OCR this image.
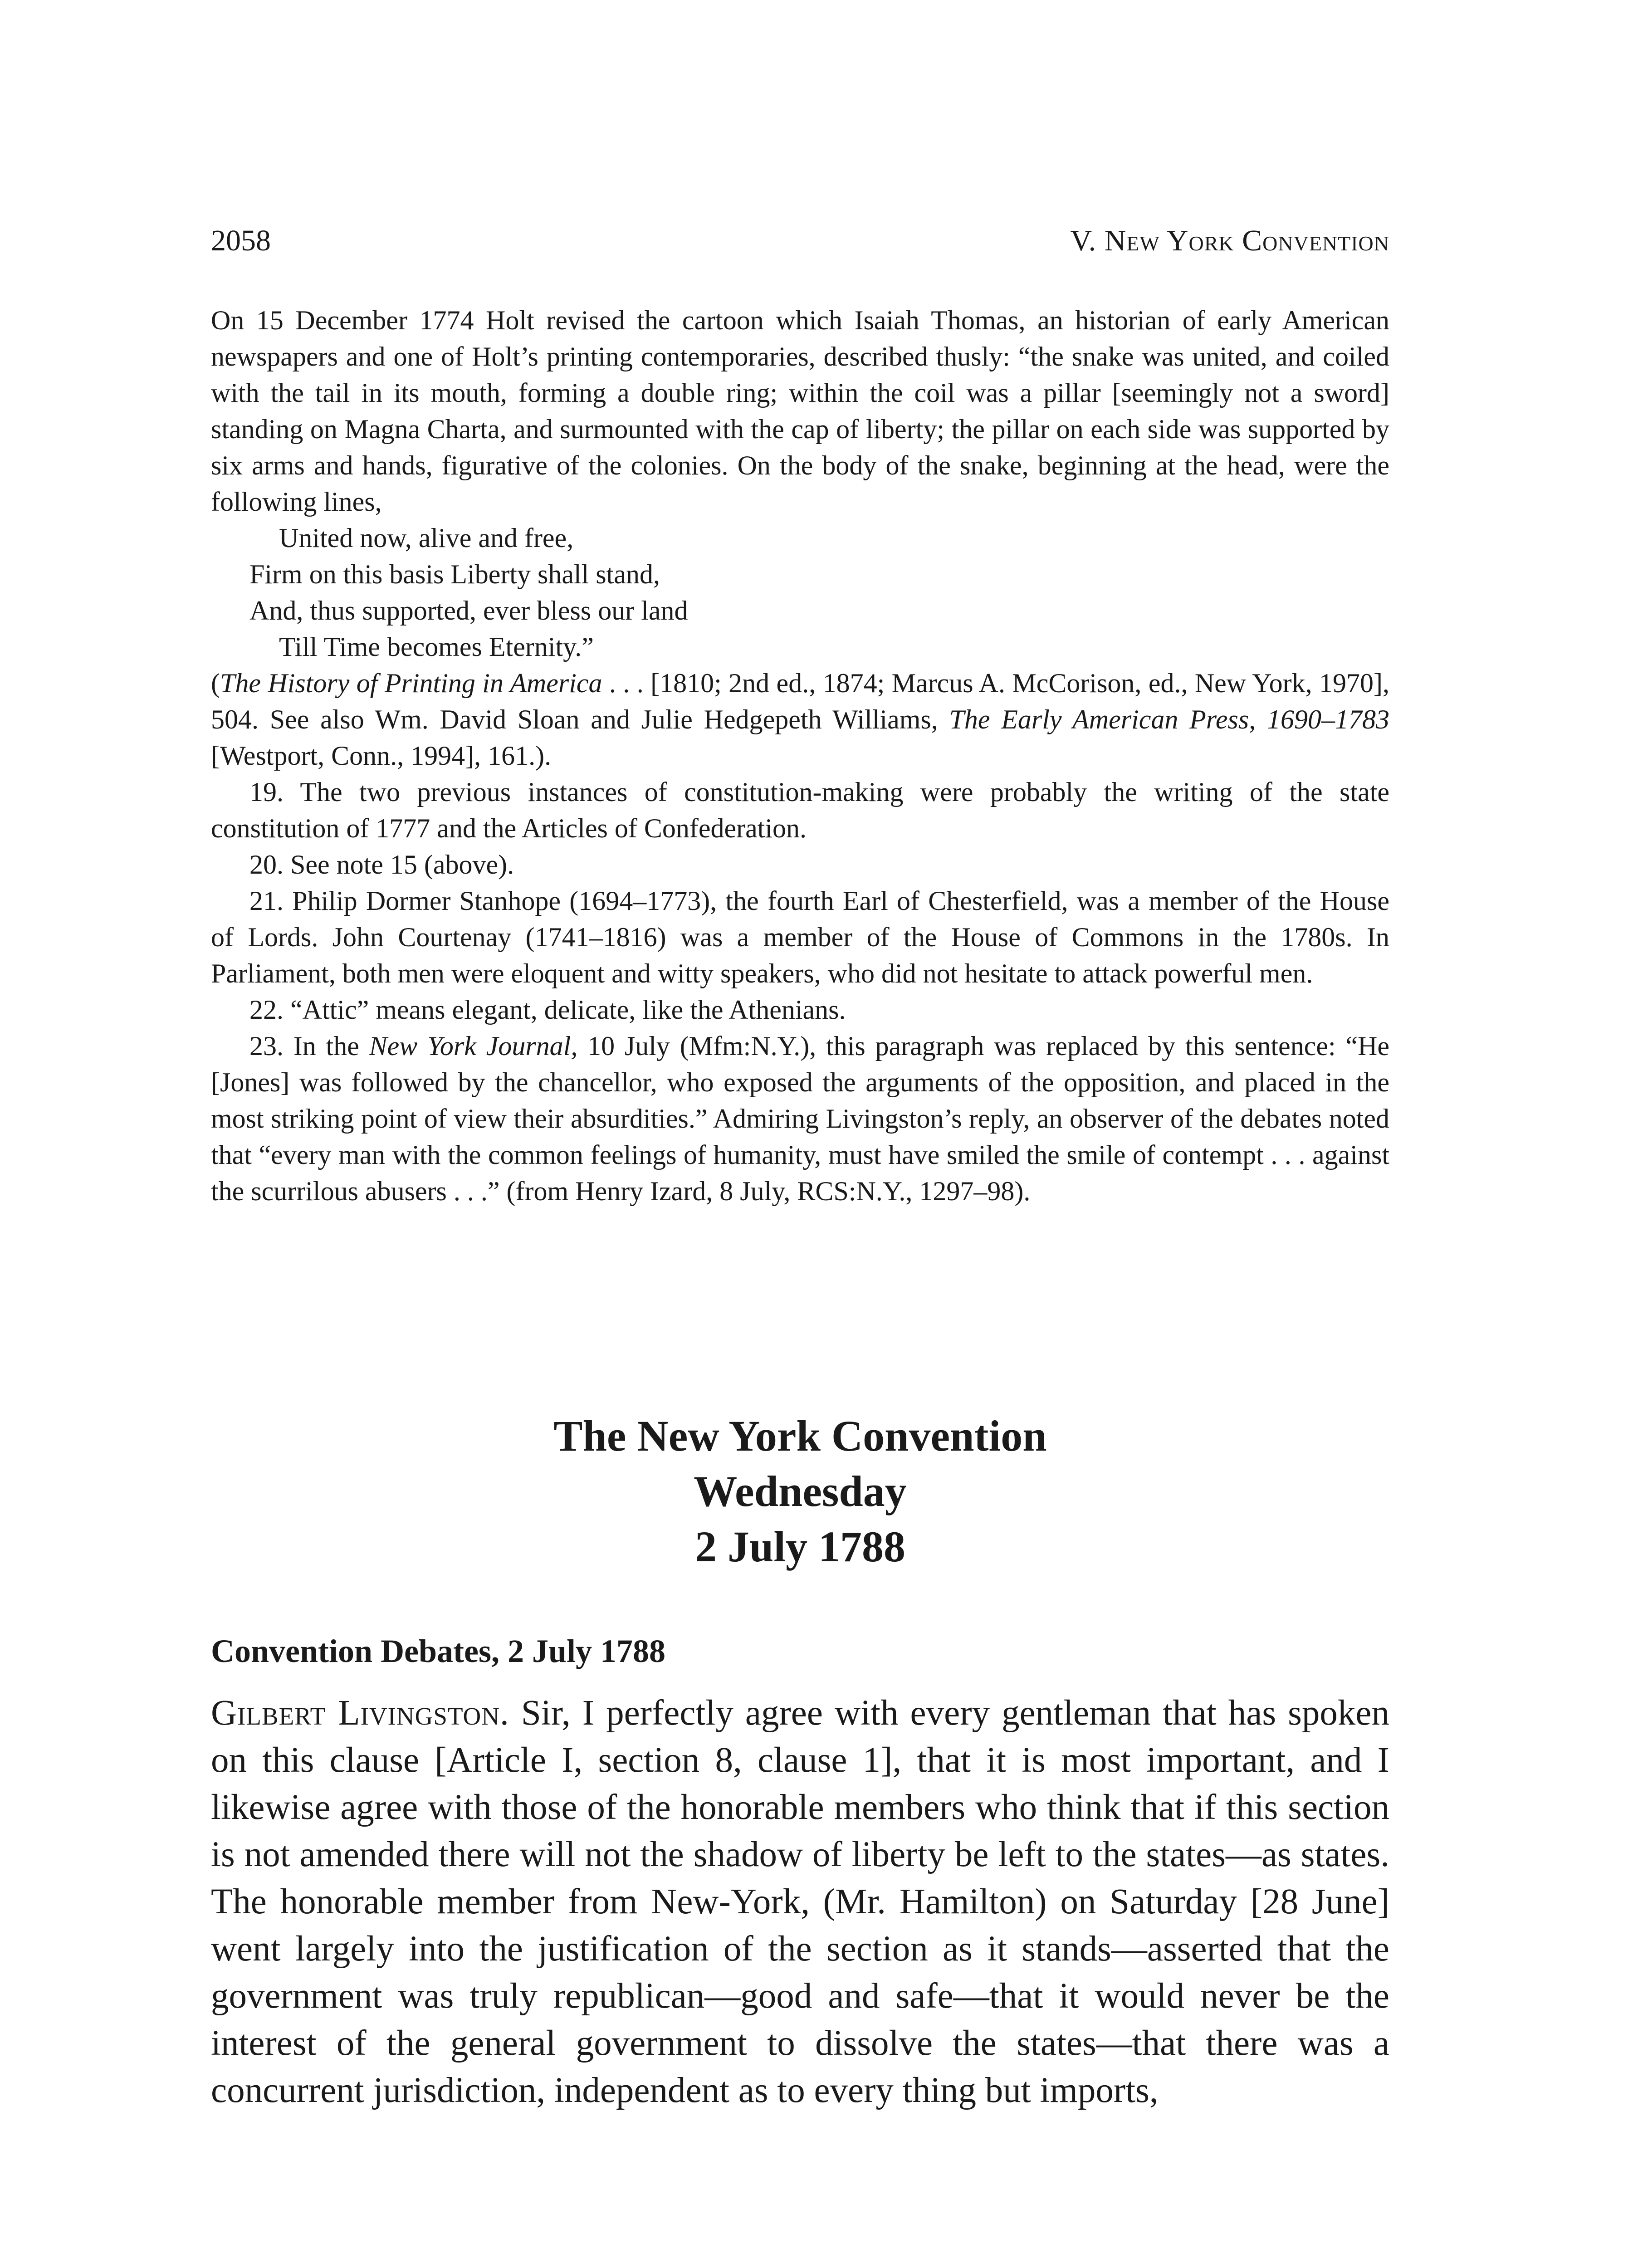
2058	V. New York Convention

On 15 December 1774 Holt revised the cartoon which Isaiah Thomas, an historian of early American newspapers and one of Holt’s printing contemporaries, described thusly: “the snake was united, and coiled with the tail in its mouth, forming a double ring; within the coil was a pillar [seemingly not a sword] standing on Magna Charta, and surmounted with the cap of liberty; the pillar on each side was supported by six arms and hands, figurative of the colonies. On the body of the snake, beginning at the head, were the following lines,

United now, alive and free,

Firm on this basis Liberty shall stand,

And, thus supported, ever bless our land

Till Time becomes Eternity.”

(The History of Printing in America . . . [1810; 2nd ed., 1874; Marcus A. McCorison, ed., New York, 1970], 504. See also Wm. David Sloan and Julie Hedgepeth Williams, The Early American Press, 1690–1783 [Westport, Conn., 1994], 161.).

19. The two previous instances of constitution-making were probably the writing of the state constitution of 1777 and the Articles of Confederation.

20. See note 15 (above).

21. Philip Dormer Stanhope (1694–1773), the fourth Earl of Chesterfield, was a member of the House of Lords. John Courtenay (1741–1816) was a member of the House of Commons in the 1780s. In Parliament, both men were eloquent and witty speakers, who did not hesitate to attack powerful men.

22. “Attic” means elegant, delicate, like the Athenians.

23. In the New York Journal, 10 July (Mfm:N.Y.), this paragraph was replaced by this sentence: “He [Jones] was followed by the chancellor, who exposed the arguments of the opposition, and placed in the most striking point of view their absurdities.” Admiring Livingston’s reply, an observer of the debates noted that “every man with the common feelings of humanity, must have smiled the smile of contempt . . . against the scurrilous abusers . . .” (from Henry Izard, 8 July, RCS:N.Y., 1297–98).

The New York Convention
Wednesday
2 July 1788
Convention Debates, 2 July 1788

Gilbert Livingston. Sir, I perfectly agree with every gentleman that has spoken on this clause [Article I, section 8, clause 1], that it is most important, and I likewise agree with those of the honorable members who think that if this section is not amended there will not the shadow of liberty be left to the states—as states. The honorable member from New-York, (Mr. Hamilton) on Saturday [28 June] went largely into the justification of the section as it stands—asserted that the government was truly republican—good and safe—that it would never be the interest of the general government to dissolve the states—that there was a concurrent jurisdiction, independent as to every thing but imports,
